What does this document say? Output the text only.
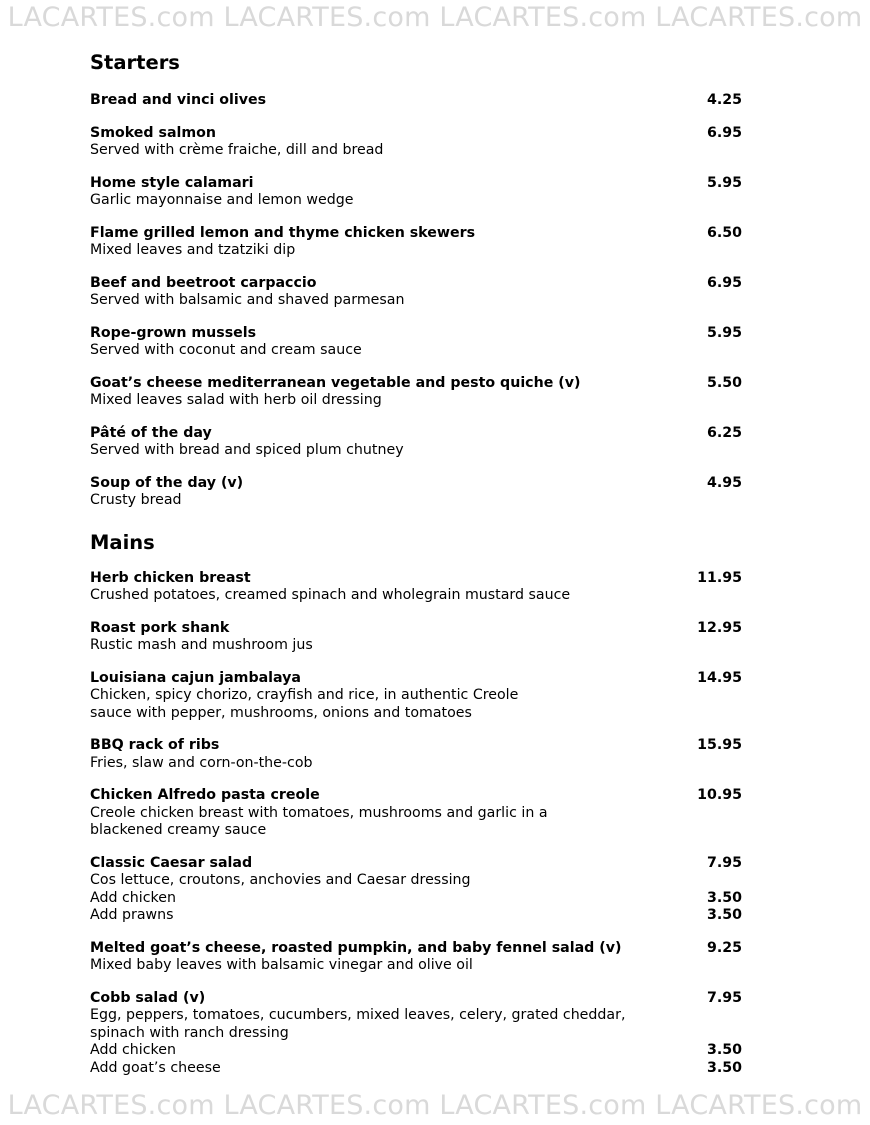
LACARTES.com LACARTES.com LACARTES.com LACARTES.com
Starters
Bread and vinci olives	4.25
Smoked salmon	6.95
Served with crème fraiche, dill and bread
Home style calamari	5.95
Garlic mayonnaise and lemon wedge
Flame grilled lemon and thyme chicken skewers	6.50
Mixed leaves and tzatziki dip
Beef and beetroot carpaccio	6.95
Served with balsamic and shaved parmesan
Rope-grown mussels	5.95
Served with coconut and cream sauce
Goat’s cheese mediterranean vegetable and pesto quiche (v)	5.50
Mixed leaves salad with herb oil dressing
Pâté of the day	6.25
Served with bread and spiced plum chutney
Soup of the day (v)	4.95
Crusty bread
Mains
Herb chicken breast	11.95
Crushed potatoes, creamed spinach and wholegrain mustard sauce
Roast pork shank	12.95
Rustic mash and mushroom jus
Louisiana cajun jambalaya	14.95
Chicken, spicy chorizo, crayfish and rice, in authentic Creole
sauce with pepper, mushrooms, onions and tomatoes
BBQ rack of ribs	15.95
Fries, slaw and corn-on-the-cob
Chicken Alfredo pasta creole	10.95
Creole chicken breast with tomatoes, mushrooms and garlic in a
blackened creamy sauce
Classic Caesar salad	7.95
Cos lettuce, croutons, anchovies and Caesar dressing
Add chicken	3.50
Add prawns	3.50
Melted goat’s cheese, roasted pumpkin, and baby fennel salad (v)	9.25
Mixed baby leaves with balsamic vinegar and olive oil
Cobb salad (v)	7.95
Egg, peppers, tomatoes, cucumbers, mixed leaves, celery, grated cheddar,
spinach with ranch dressing
Add chicken	3.50
Add goat’s cheese	3.50
LACARTES.com LACARTES.com LACARTES.com LACARTES.com
